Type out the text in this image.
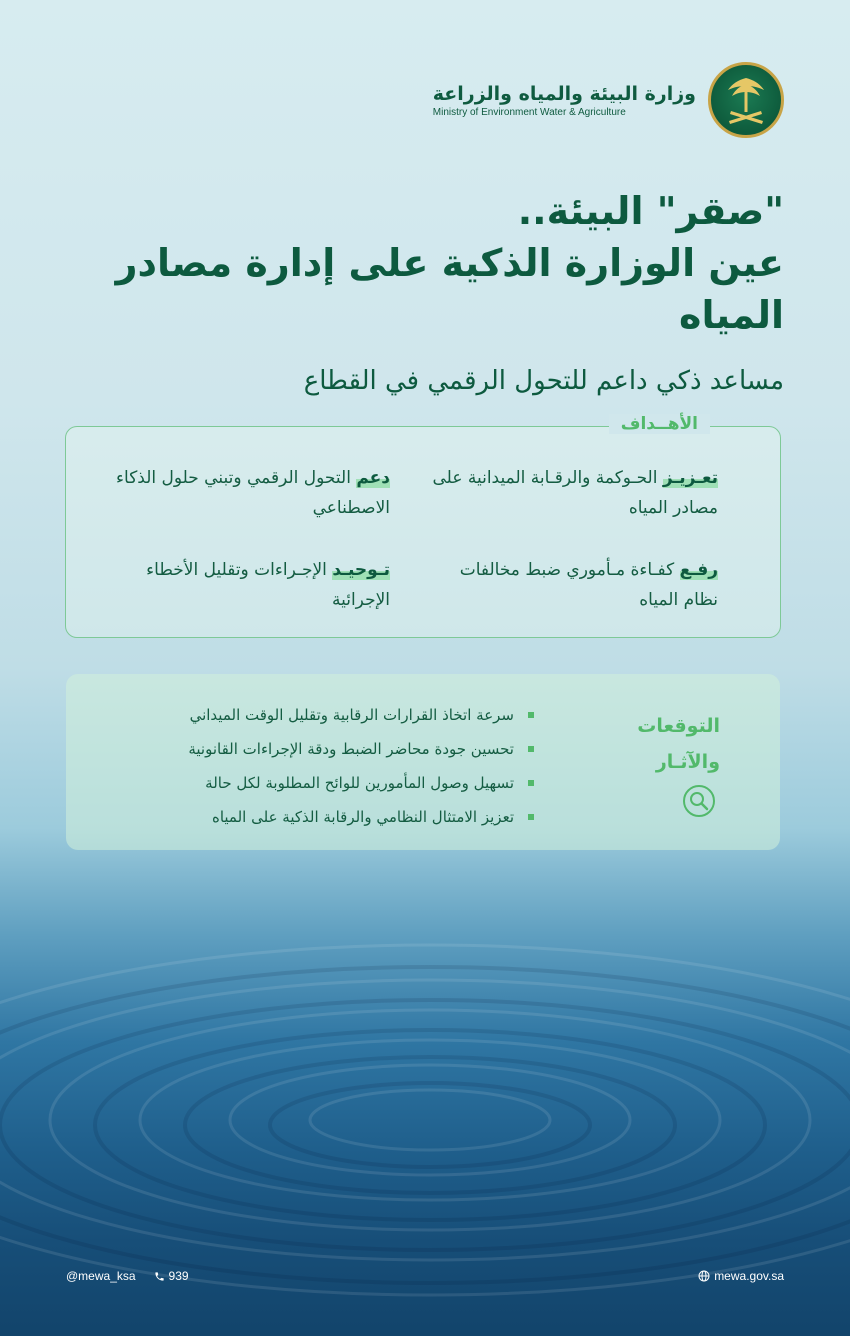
وزارة البيئة والمياه والزراعة
Ministry of Environment Water & Agriculture
"صقر" البيئة..
عين الوزارة الذكية على إدارة مصادر المياه
مساعد ذكي داعم للتحول الرقمي في القطاع
الأهــداف
تعـزيـز الحـوكمة والرقـابة الميدانية على مصادر المياه
دعم التحول الرقمي وتبني حلول الذكاء الاصطناعي
رفـع كفـاءة مـأموري ضبط مخالفات نظام المياه
تـوحيـد الإجـراءات وتقليل الأخطاء الإجرائية
التوقعات
والآثـار
سرعة اتخاذ القرارات الرقابية وتقليل الوقت الميداني
تحسين جودة محاضر الضبط ودقة الإجراءات القانونية
تسهيل وصول المأمورين للوائح المطلوبة لكل حالة
تعزيز الامتثال النظامي والرقابة الذكية على المياه
@mewa_ksa	939	mewa.gov.sa
